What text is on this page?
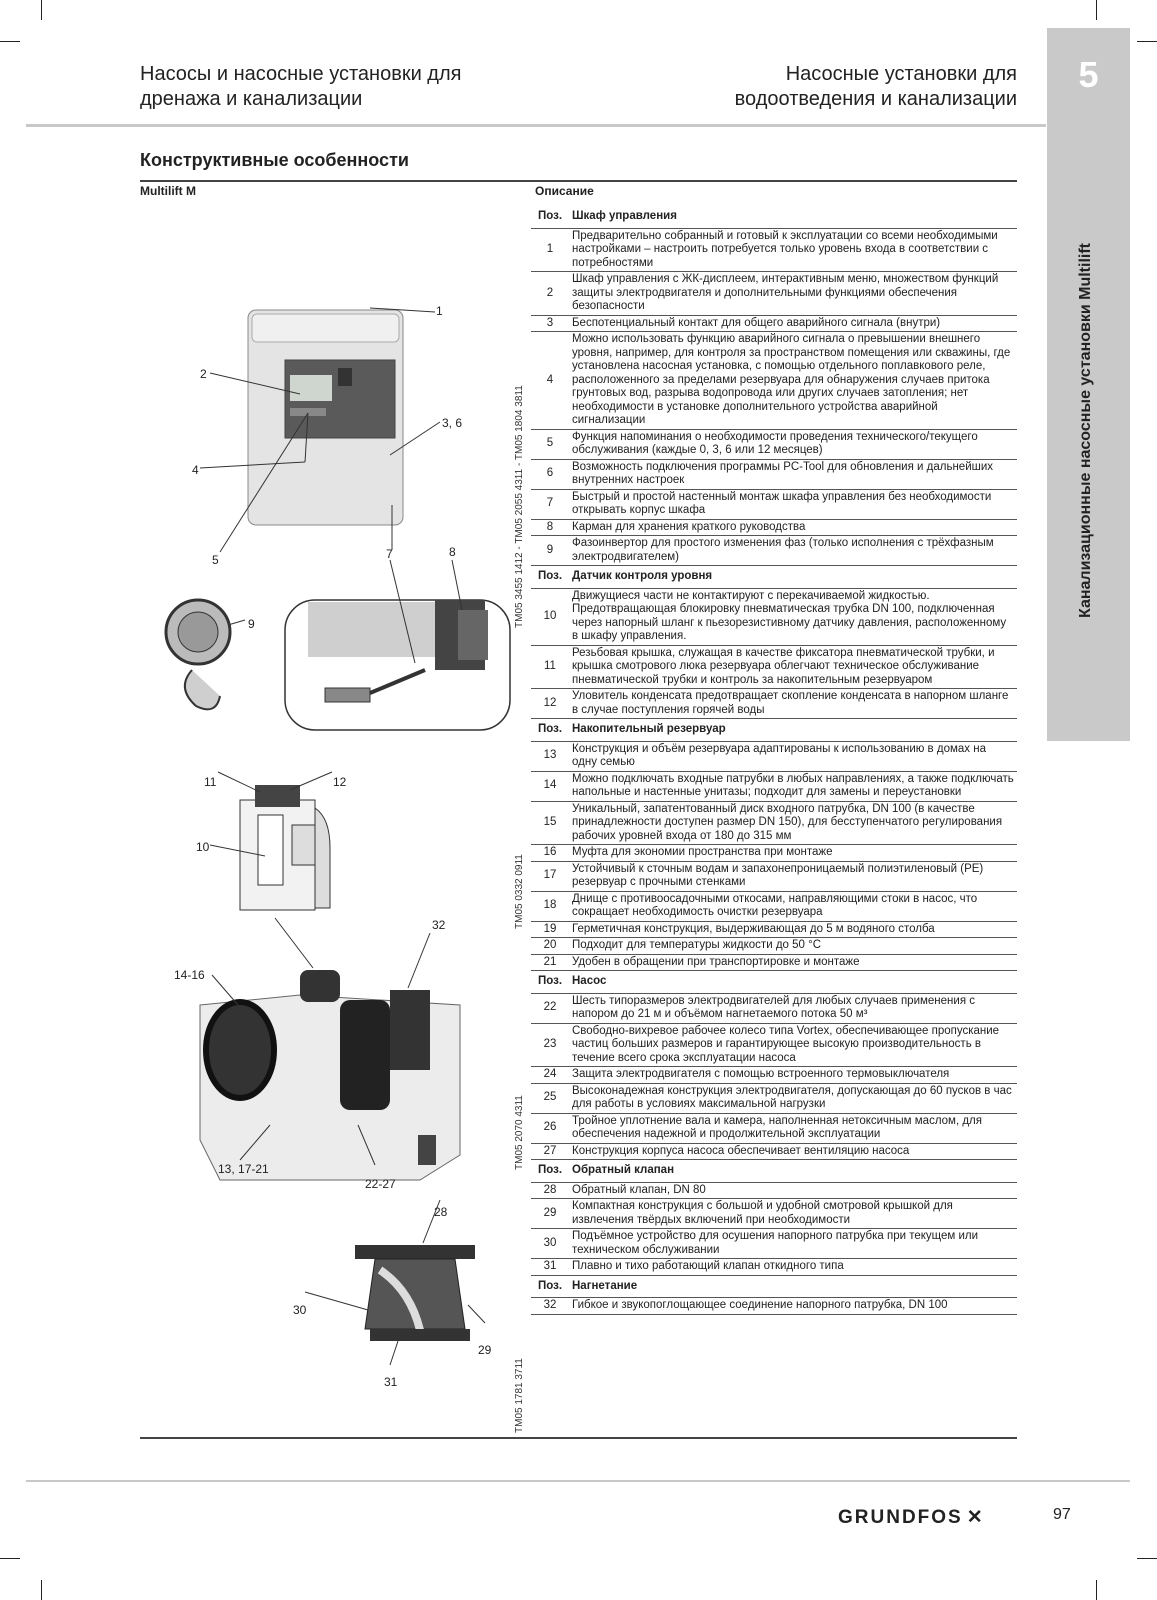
Насосы и насосные установки для
дренажа и канализации
Насосные установки для
водоотведения и канализации
5
Канализационные насосные установки Multilift
Конструктивные особенности
Multilift M	Описание
1
2
3, 6
4
5	7	8
9
11	12
10
32
14-16
13, 17-21
22-27
28
30
29
31
TM05 3455 1412 - TM05 2055 4311 - TM05 1804 3811
TM05 0332 0911
TM05 2070 4311
TM05 1781 3711
Поз.	Шкаф управления
1	Предварительно собранный и готовый к эксплуатации со всеми необходимыми настройками – настроить потребуется только уровень входа в соответствии с потребностями
2	Шкаф управления с ЖК-дисплеем, интерактивным меню, множеством функций защиты электродвигателя и дополнительными функциями обеспечения безопасности
3	Беспотенциальный контакт для общего аварийного сигнала (внутри)
4	Можно использовать функцию аварийного сигнала о превышении внешнего уровня, например, для контроля за пространством помещения или скважины, где установлена насосная установка, с помощью отдельного поплавкового реле, расположенного за пределами резервуара для обнаружения случаев притока грунтовых вод, разрыва водопровода или других случаев затопления; нет необходимости в установке дополнительного устройства аварийной сигнализации
5	Функция напоминания о необходимости проведения технического/текущего обслуживания (каждые 0, 3, 6 или 12 месяцев)
6	Возможность подключения программы PC-Tool для обновления и дальнейших внутренних настроек
7	Быстрый и простой настенный монтаж шкафа управления без необходимости открывать корпус шкафа
8	Карман для хранения краткого руководства
9	Фазоинвертор для простого изменения фаз (только исполнения с трёхфазным электродвигателем)
Поз.	Датчик контроля уровня
10	Движущиеся части не контактируют с перекачиваемой жидкостью. Предотвращающая блокировку пневматическая трубка DN 100, подключенная через напорный шланг к пьезорезистивному датчику давления, расположенному в шкафу управления.
11	Резьбовая крышка, служащая в качестве фиксатора пневматической трубки, и крышка смотрового люка резервуара облегчают техническое обслуживание пневматической трубки и контроль за накопительным резервуаром
12	Уловитель конденсата предотвращает скопление конденсата в напорном шланге в случае поступления горячей воды
Поз.	Накопительный резервуар
13	Конструкция и объём резервуара адаптированы к использованию в домах на одну семью
14	Можно подключать входные патрубки в любых направлениях, а также подключать напольные и настенные унитазы; подходит для замены и переустановки
15	Уникальный, запатентованный диск входного патрубка, DN 100 (в качестве принадлежности доступен размер DN 150), для бесступенчатого регулирования рабочих уровней входа от 180 до 315 мм
16	Муфта для экономии пространства при монтаже
17	Устойчивый к сточным водам и запахонепроницаемый полиэтиленовый (PE) резервуар с прочными стенками
18	Днище с противоосадочными откосами, направляющими стоки в насос, что сокращает необходимость очистки резервуара
19	Герметичная конструкция, выдерживающая до 5 м водяного столба
20	Подходит для температуры жидкости до 50 °C
21	Удобен в обращении при транспортировке и монтаже
Поз.	Насос
22	Шесть типоразмеров электродвигателей для любых случаев применения с напором до 21 м и объёмом нагнетаемого потока 50 м³
23	Свободно-вихревое рабочее колесо типа Vortex, обеспечивающее пропускание частиц больших размеров и гарантирующее высокую производительность в течение всего срока эксплуатации насоса
24	Защита электродвигателя с помощью встроенного термовыключателя
25	Высоконадежная конструкция электродвигателя, допускающая до 60 пусков в час для работы в условиях максимальной нагрузки
26	Тройное уплотнение вала и камера, наполненная нетоксичным маслом, для обеспечения надежной и продолжительной эксплуатации
27	Конструкция корпуса насоса обеспечивает вентиляцию насоса
Поз.	Обратный клапан
28	Обратный клапан, DN 80
29	Компактная конструкция с большой и удобной смотровой крышкой для извлечения твёрдых включений при необходимости
30	Подъёмное устройство для осушения напорного патрубка при текущем или техническом обслуживании
31	Плавно и тихо работающий клапан откидного типа
Поз.	Нагнетание
32	Гибкое и звукопоглощающее соединение напорного патрубка, DN 100
GRUNDFOS ✕	97
